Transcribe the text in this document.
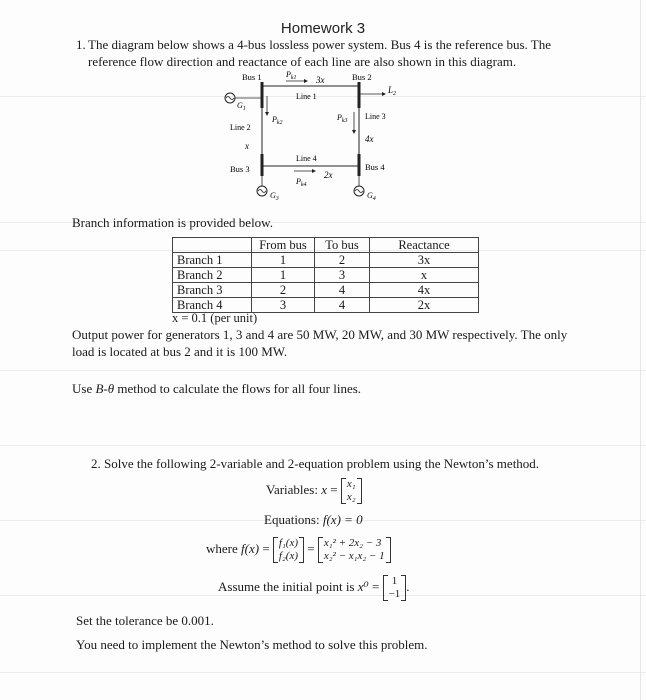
Homework 3
1. The diagram below shows a 4-bus lossless power system. Bus 4 is the reference bus. The
reference flow direction and reactance of each line are also shown in this diagram.
Bus 1	Bus 2
Bus 3	Bus 4
Line 1
Line 2
Line 3
Line 4
3x
x
4x
2x
$P_{k1}$
$P_{k2}$
$P_{k3}$
$P_{k4}$
$L_2$
$G_1$
$G_3$	$G_4$
Branch information is provided below.
	From bus	To bus	Reactance
Branch 1	1	2	3x
Branch 2	1	3	x
Branch 3	2	4	4x
Branch 4	3	4	2x
x = 0.1 (per unit)
Output power for generators 1, 3 and 4 are 50 MW, 20 MW, and 30 MW respectively. The only
load is located at bus 2 and it is 100 MW.
Use B-θ method to calculate the flows for all four lines.
2. Solve the following 2-variable and 2-equation problem using the Newton’s method.
Variables: x = x₁
x₂
Equations: f(x) = 0
where f(x) = f₁(x)
f₂(x)
= x₁² + 2x₂ − 3
x₂² − x₁x₂ − 1
Assume the initial point is x⁰ = 1
−1
.
Set the tolerance be 0.001.
You need to implement the Newton’s method to solve this problem.
